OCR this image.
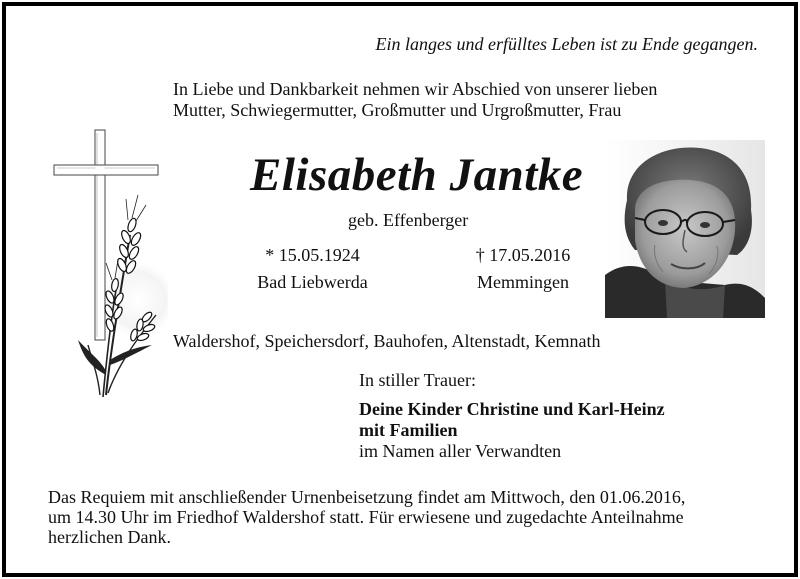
Ein langes und erfülltes Leben ist zu Ende gegangen.
In Liebe und Dankbarkeit nehmen wir Abschied von unserer lieben
Mutter, Schwiegermutter, Großmutter und Urgroßmutter, Frau
Elisabeth Jantke
geb. Effenberger
* 15.05.1924
Bad Liebwerda
† 17.05.2016
Memmingen
Waldershof, Speichersdorf, Bauhofen, Altenstadt, Kemnath
In stiller Trauer:
Deine Kinder Christine und Karl-Heinz
mit Familien
im Namen aller Verwandten
Das Requiem mit anschließender Urnenbeisetzung findet am Mittwoch, den 01.06.2016,
um 14.30 Uhr im Friedhof Waldershof statt. Für erwiesene und zugedachte Anteilnahme
herzlichen Dank.
